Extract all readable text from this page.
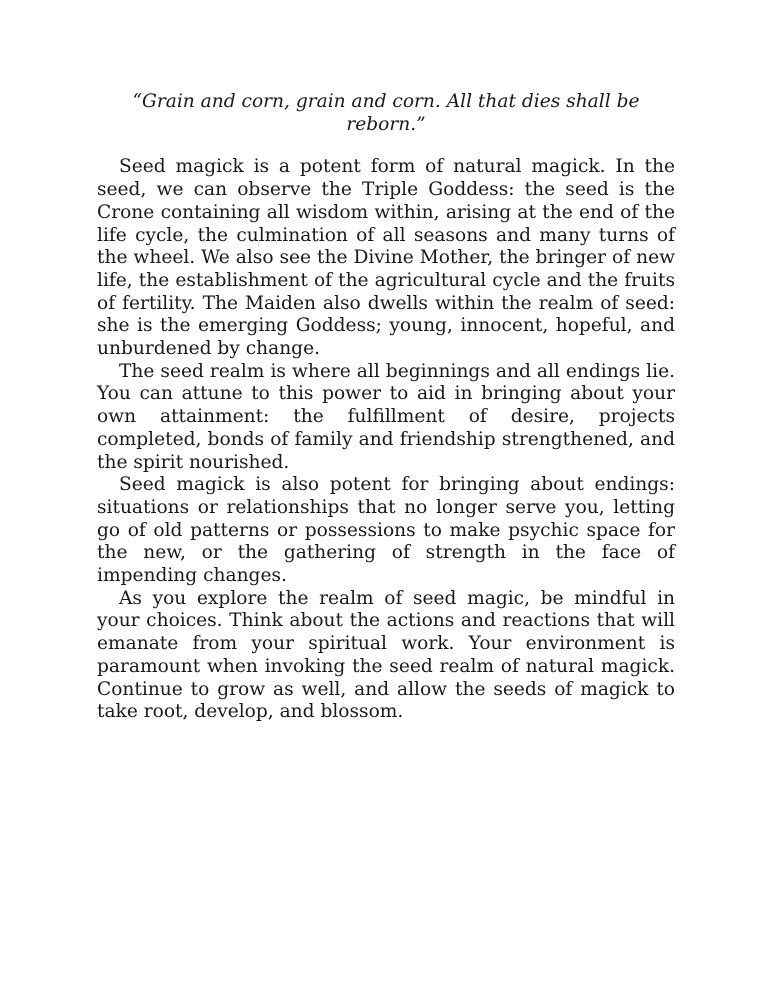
“Grain and corn, grain and corn. All that dies shall be reborn.”

Seed magick is a potent form of natural magick. In the seed, we can observe the Triple Goddess: the seed is the Crone containing all wisdom within, arising at the end of the life cycle, the culmination of all seasons and many turns of the wheel. We also see the Divine Mother, the bringer of new life, the establishment of the agricultural cycle and the fruits of fertility. The Maiden also dwells within the realm of seed: she is the emerging Goddess; young, innocent, hopeful, and unburdened by change.

The seed realm is where all beginnings and all endings lie. You can attune to this power to aid in bringing about your own attainment: the fulfillment of desire, projects completed, bonds of family and friendship strengthened, and the spirit nourished.

Seed magick is also potent for bringing about endings: situations or relationships that no longer serve you, letting go of old patterns or possessions to make psychic space for the new, or the gathering of strength in the face of impending changes.

As you explore the realm of seed magic, be mindful in your choices. Think about the actions and reactions that will emanate from your spiritual work. Your environment is paramount when invoking the seed realm of natural magick. Continue to grow as well, and allow the seeds of magick to take root, develop, and blossom.
